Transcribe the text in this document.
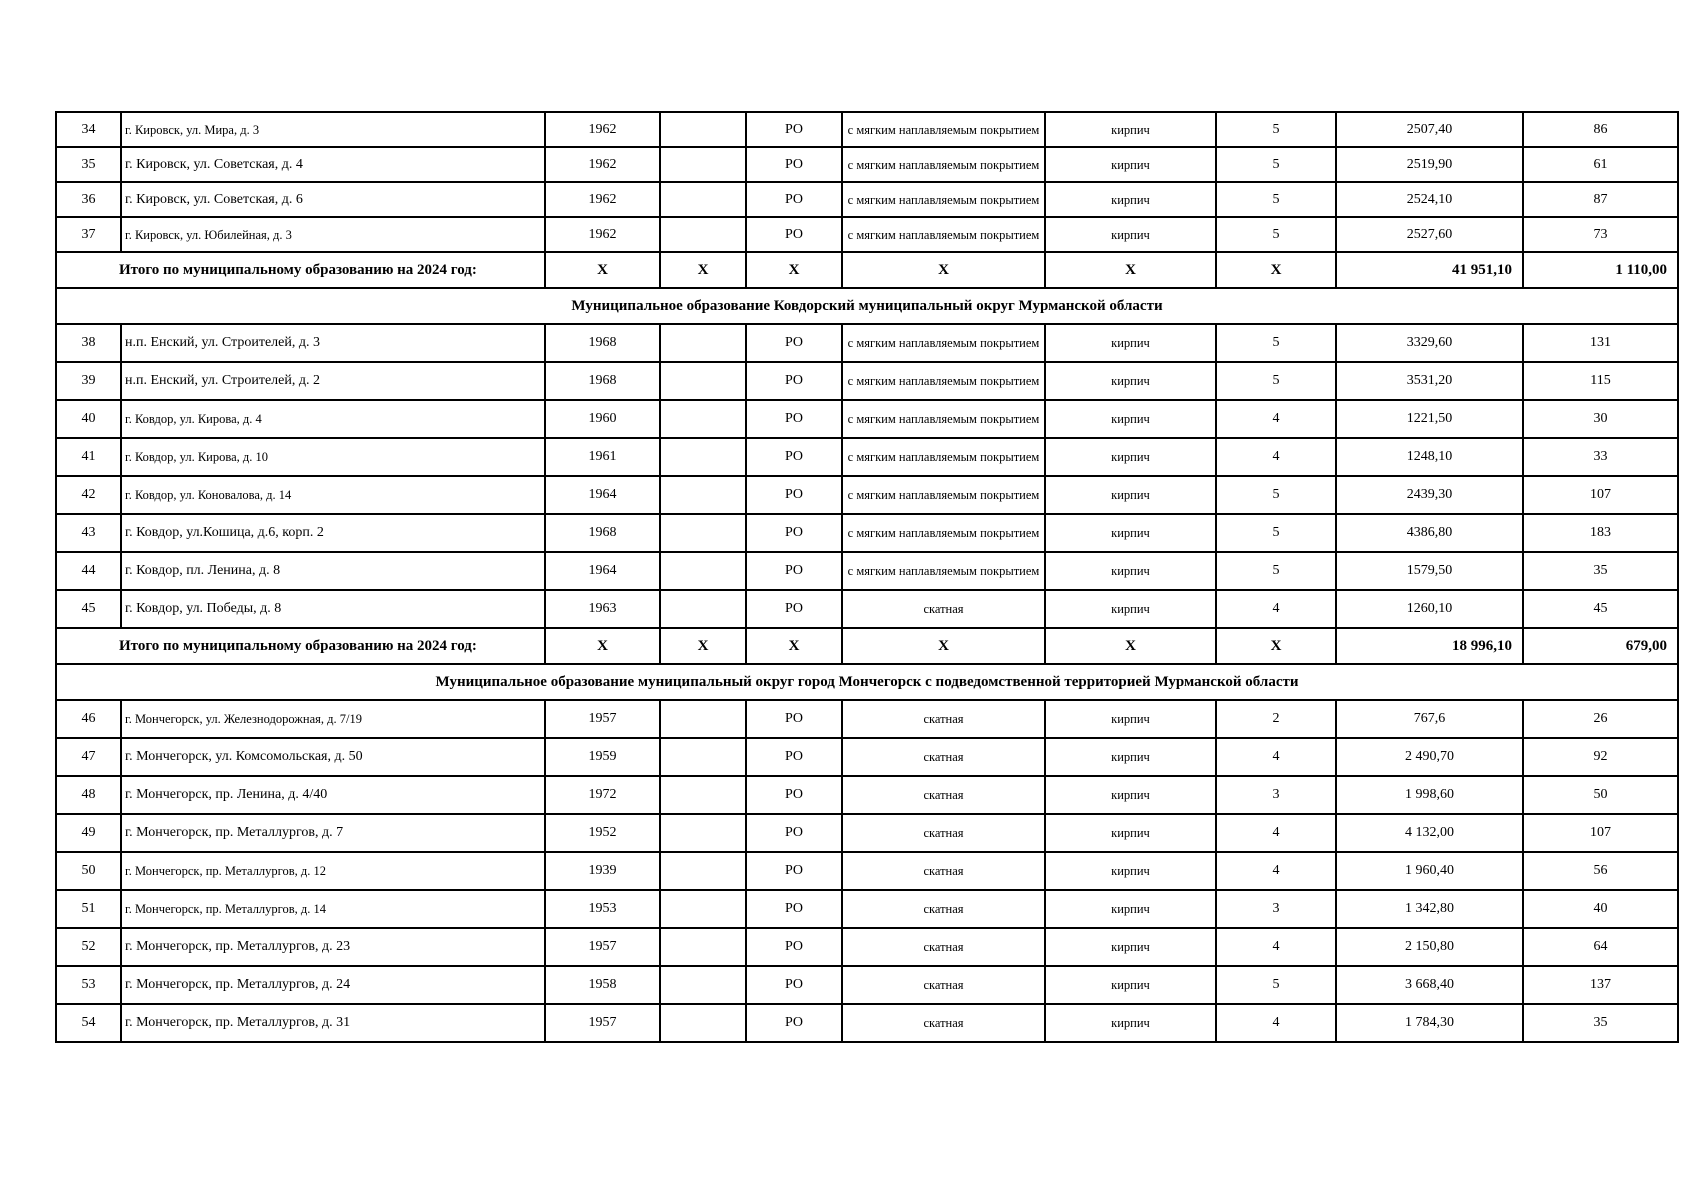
34	г. Кировск, ул. Мира, д. 3	1962		РО	с мягким наплавляемым покрытием	кирпич	5	2507,40	86
35	г. Кировск, ул. Советская, д. 4	1962		РО	с мягким наплавляемым покрытием	кирпич	5	2519,90	61
36	г. Кировск, ул. Советская, д. 6	1962		РО	с мягким наплавляемым покрытием	кирпич	5	2524,10	87
37	г. Кировск, ул. Юбилейная, д. 3	1962		РО	с мягким наплавляемым покрытием	кирпич	5	2527,60	73
Итого по муниципальному образованию на 2024 год:		X	X	X	X	X	X	41 951,10	1 110,00
Муниципальное образование Ковдорский муниципальный округ Мурманской области									
38	н.п. Енский, ул. Строителей, д. 3	1968		РО	с мягким наплавляемым покрытием	кирпич	5	3329,60	131
39	н.п. Енский, ул. Строителей, д. 2	1968		РО	с мягким наплавляемым покрытием	кирпич	5	3531,20	115
40	г. Ковдор, ул. Кирова, д. 4	1960		РО	с мягким наплавляемым покрытием	кирпич	4	1221,50	30
41	г. Ковдор, ул. Кирова, д. 10	1961		РО	с мягким наплавляемым покрытием	кирпич	4	1248,10	33
42	г. Ковдор, ул. Коновалова, д. 14	1964		РО	с мягким наплавляемым покрытием	кирпич	5	2439,30	107
43	г. Ковдор, ул.Кошица, д.6, корп. 2	1968		РО	с мягким наплавляемым покрытием	кирпич	5	4386,80	183
44	г. Ковдор, пл. Ленина, д. 8	1964		РО	с мягким наплавляемым покрытием	кирпич	5	1579,50	35
45	г. Ковдор, ул. Победы, д. 8	1963		РО	скатная	кирпич	4	1260,10	45
Итого по муниципальному образованию на 2024 год:		X	X	X	X	X	X	18 996,10	679,00
Муниципальное образование муниципальный округ город Мончегорск с подведомственной территорией Мурманской области									
46	г. Мончегорск, ул. Железнодорожная, д. 7/19	1957		РО	скатная	кирпич	2	767,6	26
47	г. Мончегорск, ул. Комсомольская, д. 50	1959		РО	скатная	кирпич	4	2 490,70	92
48	г. Мончегорск, пр. Ленина, д. 4/40	1972		РО	скатная	кирпич	3	1 998,60	50
49	г. Мончегорск, пр. Металлургов, д. 7	1952		РО	скатная	кирпич	4	4 132,00	107
50	г. Мончегорск, пр. Металлургов, д. 12	1939		РО	скатная	кирпич	4	1 960,40	56
51	г. Мончегорск, пр. Металлургов, д. 14	1953		РО	скатная	кирпич	3	1 342,80	40
52	г. Мончегорск, пр. Металлургов, д. 23	1957		РО	скатная	кирпич	4	2 150,80	64
53	г. Мончегорск, пр. Металлургов, д. 24	1958		РО	скатная	кирпич	5	3 668,40	137
54	г. Мончегорск, пр. Металлургов, д. 31	1957		РО	скатная	кирпич	4	1 784,30	35
